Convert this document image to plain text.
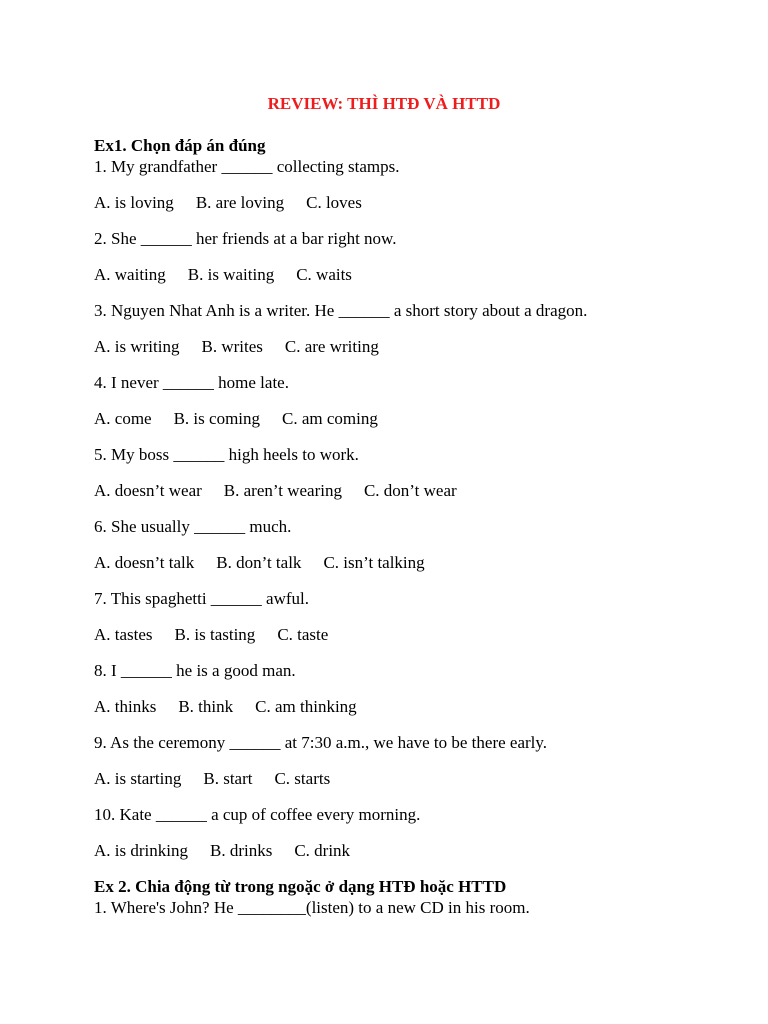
REVIEW: THÌ HTĐ VÀ HTTD
Ex1. Chọn đáp án đúng
1. My grandfather ______ collecting stamps.
A. is loving B. are loving C. loves
2. She ______ her friends at a bar right now.
A. waiting B. is waiting C. waits
3. Nguyen Nhat Anh is a writer. He ______ a short story about a dragon.
A. is writing B. writes C. are writing
4. I never ______ home late.
A. come B. is coming C. am coming
5. My boss ______ high heels to work.
A. doesn’t wear B. aren’t wearing C. don’t wear
6. She usually ______ much.
A. doesn’t talk B. don’t talk C. isn’t talking
7. This spaghetti ______ awful.
A. tastes B. is tasting C. taste
8. I ______ he is a good man.
A. thinks B. think C. am thinking
9. As the ceremony ______ at 7:30 a.m., we have to be there early.
A. is starting B. start C. starts
10. Kate ______ a cup of coffee every morning.
A. is drinking B. drinks C. drink
Ex 2. Chia động từ trong ngoặc ở dạng HTĐ hoặc HTTD
1. Where's John? He ________(listen) to a new CD in his room.
